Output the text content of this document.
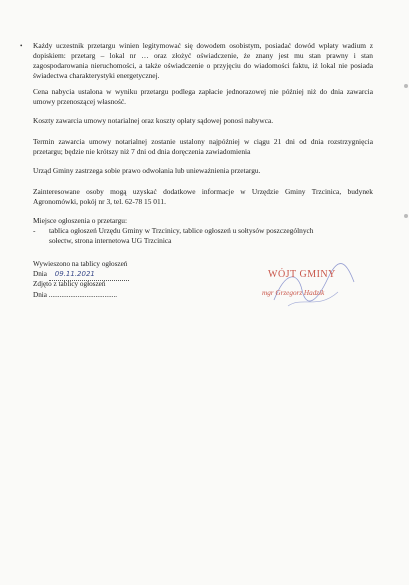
• Każdy uczestnik przetargu winien legitymować się dowodem osobistym, posiadać dowód wpłaty wadium z dopiskiem: przetarg – lokal nr … oraz złożyć oświadczenie, że znany jest mu stan prawny i stan zagospodarowania nieruchomości, a także oświadczenie o przyjęciu do wiadomości faktu, iż lokal nie posiada świadectwa charakterystyki energetycznej.

Cena nabycia ustalona w wyniku przetargu podlega zapłacie jednorazowej nie później niż do dnia zawarcia umowy przenoszącej własność.

Koszty zawarcia umowy notarialnej oraz koszty opłaty sądowej ponosi nabywca.

Termin zawarcia umowy notarialnej zostanie ustalony najpóźniej w ciągu 21 dni od dnia rozstrzygnięcia przetargu; będzie nie krótszy niż 7 dni od dnia doręczenia zawiadomienia

Urząd Gminy zastrzega sobie prawo odwołania lub unieważnienia przetargu.

Zainteresowane osoby mogą uzyskać dodatkowe informacje w Urzędzie Gminy Trzcinica, budynek Agronomówki, pokój nr 3, tel. 62-78 15 011.

Miejsce ogłoszenia o przetargu:

- tablica ogłoszeń Urzędu Gminy w Trzcinicy, tablice ogłoszeń u sołtysów poszczególnych sołectw, strona internetowa UG Trzcinica
Wywieszono na tablicy ogłoszeń
Dnia 09.11.2021
Zdjęto z tablicy ogłoszeń
Dnia ......................................
WÓJT GMINY
mgr Grzegorz Hadzik
